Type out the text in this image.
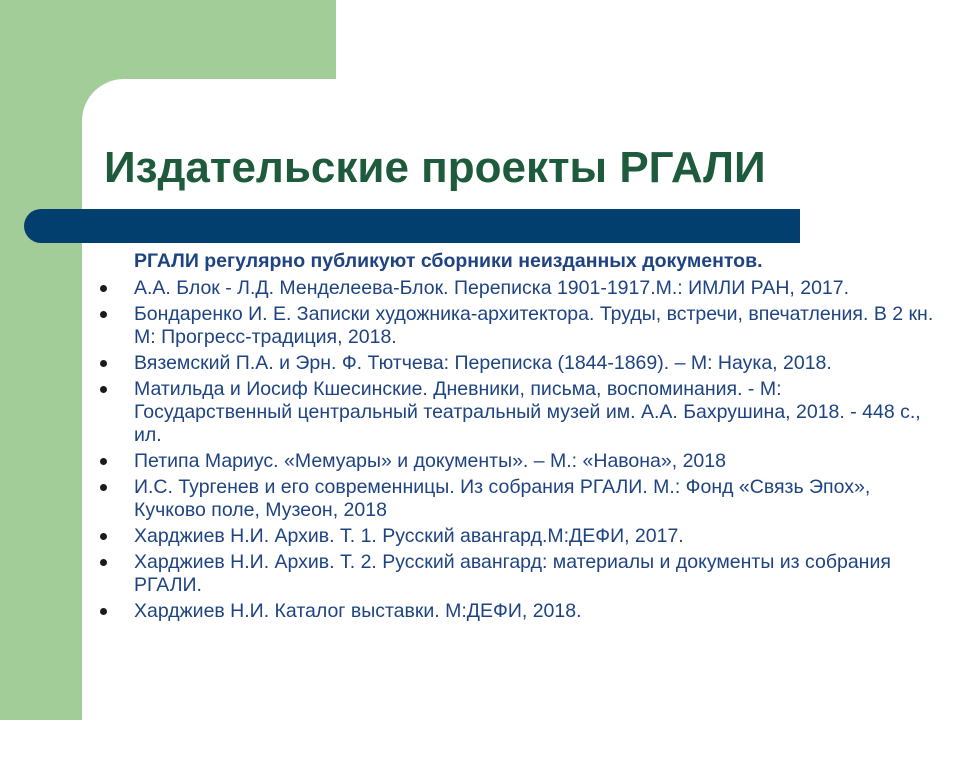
Издательские проекты РГАЛИ

РГАЛИ регулярно публикуют сборники неизданных документов.

А.А. Блок - Л.Д. Менделеева-Блок. Переписка 1901-1917.М.: ИМЛИ РАН, 2017.
Бондаренко И. Е. Записки художника-архитектора. Труды, встречи, впечатления. В 2 кн. М: Прогресс-традиция, 2018.
Вяземский П.А. и Эрн. Ф. Тютчева: Переписка (1844-1869). – М: Наука, 2018.
Матильда и Иосиф Кшесинские. Дневники, письма, воспоминания. - М: Государственный центральный театральный музей им. А.А. Бахрушина, 2018. - 448 с., ил.
Петипа Мариус. «Мемуары» и документы». – М.: «Навона», 2018
И.С. Тургенев и его современницы. Из собрания РГАЛИ. М.: Фонд «Связь Эпох», Кучково поле, Музеон, 2018
Харджиев Н.И. Архив. Т. 1. Русский авангард.М:ДЕФИ, 2017.
Харджиев Н.И. Архив. Т. 2. Русский авангард: материалы и документы из собрания РГАЛИ.
Харджиев Н.И. Каталог выставки. М:ДЕФИ, 2018.
